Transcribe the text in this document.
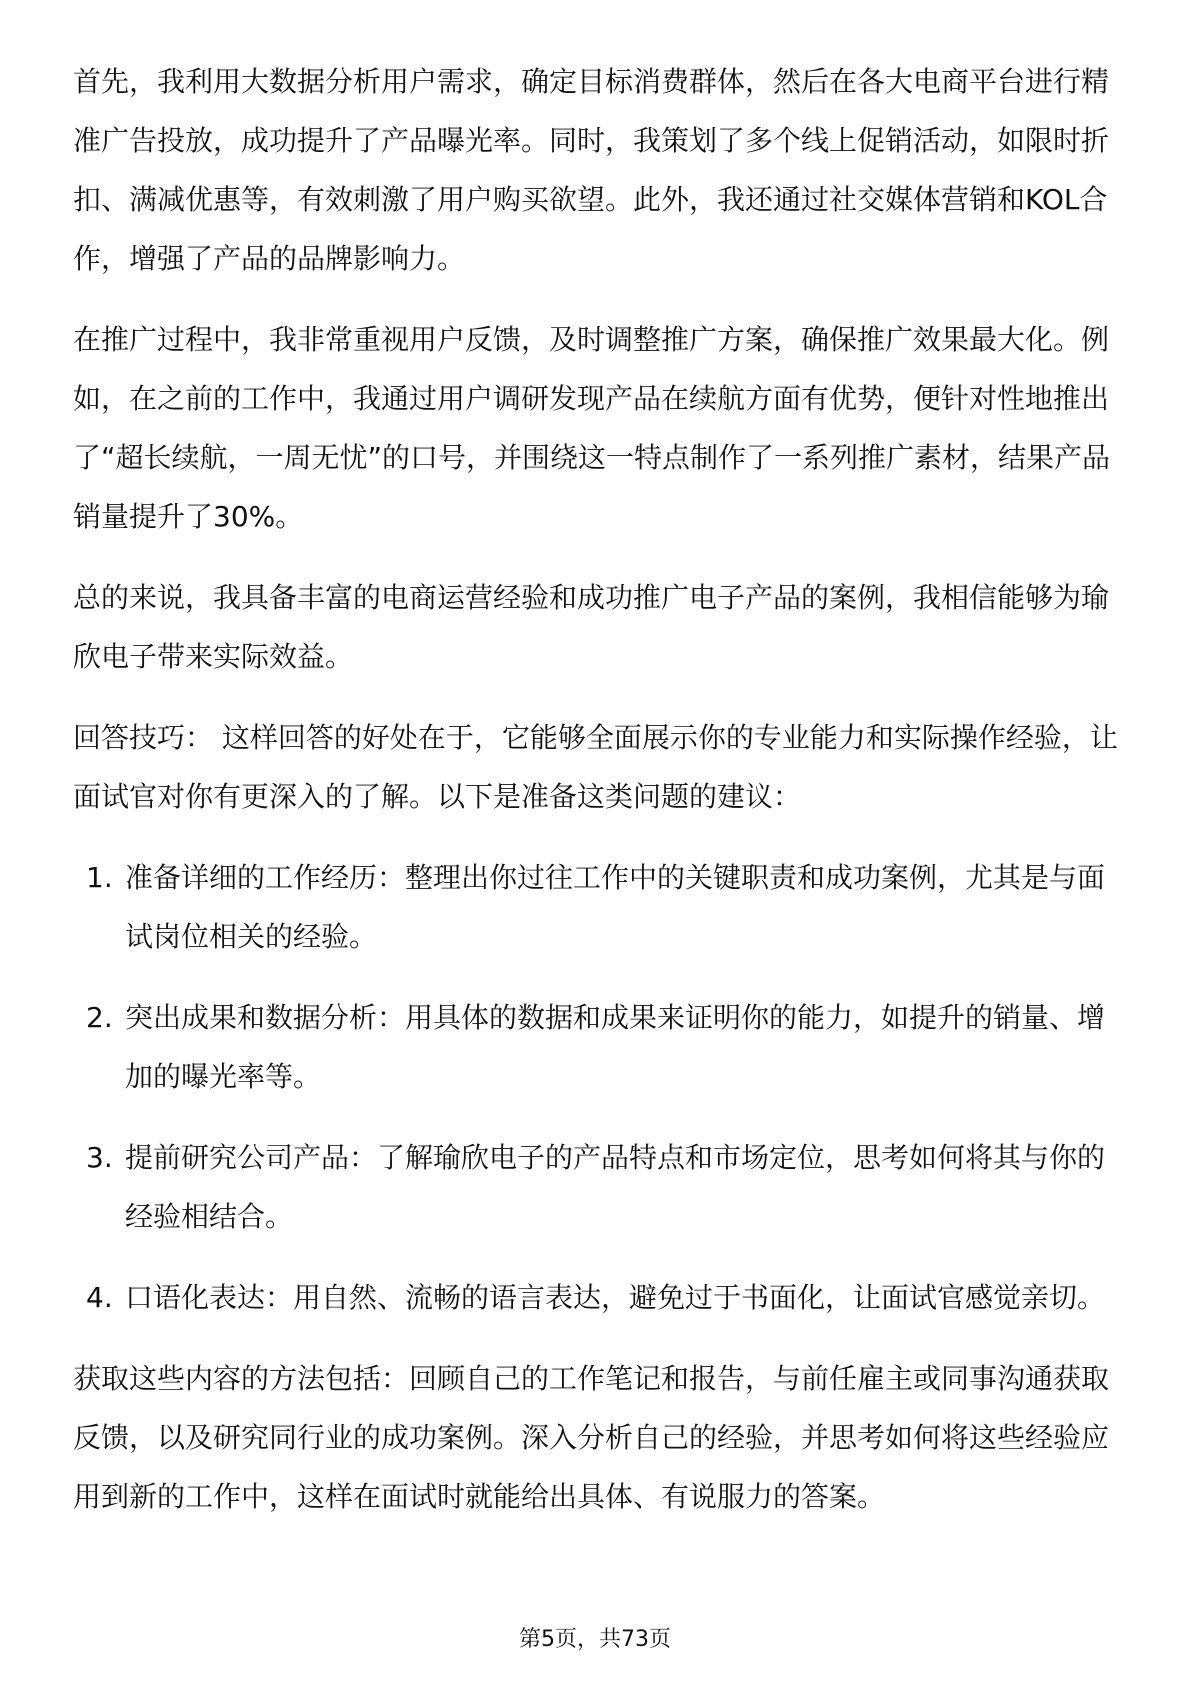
首先，我利用大数据分析用户需求，确定目标消费群体，然后在各大电商平台进行精准广告投放，成功提升了产品曝光率。同时，我策划了多个线上促销活动，如限时折扣、满减优惠等，有效刺激了用户购买欲望。此外，我还通过社交媒体营销和KOL合作，增强了产品的品牌影响力。

在推广过程中，我非常重视用户反馈，及时调整推广方案，确保推广效果最大化。例如，在之前的工作中，我通过用户调研发现产品在续航方面有优势，便针对性地推出了“超长续航，一周无忧”的口号，并围绕这一特点制作了一系列推广素材，结果产品销量提升了30%。

总的来说，我具备丰富的电商运营经验和成功推广电子产品的案例，我相信能够为瑜欣电子带来实际效益。

回答技巧： 这样回答的好处在于，它能够全面展示你的专业能力和实际操作经验，让面试官对你有更深入的了解。以下是准备这类问题的建议：

1. 准备详细的工作经历：整理出你过往工作中的关键职责和成功案例，尤其是与面试岗位相关的经验。
2. 突出成果和数据分析：用具体的数据和成果来证明你的能力，如提升的销量、增加的曝光率等。
3. 提前研究公司产品：了解瑜欣电子的产品特点和市场定位，思考如何将其与你的经验相结合。
4. 口语化表达：用自然、流畅的语言表达，避免过于书面化，让面试官感觉亲切。

获取这些内容的方法包括：回顾自己的工作笔记和报告，与前任雇主或同事沟通获取反馈，以及研究同行业的成功案例。深入分析自己的经验，并思考如何将这些经验应用到新的工作中，这样在面试时就能给出具体、有说服力的答案。

第5页，共73页
